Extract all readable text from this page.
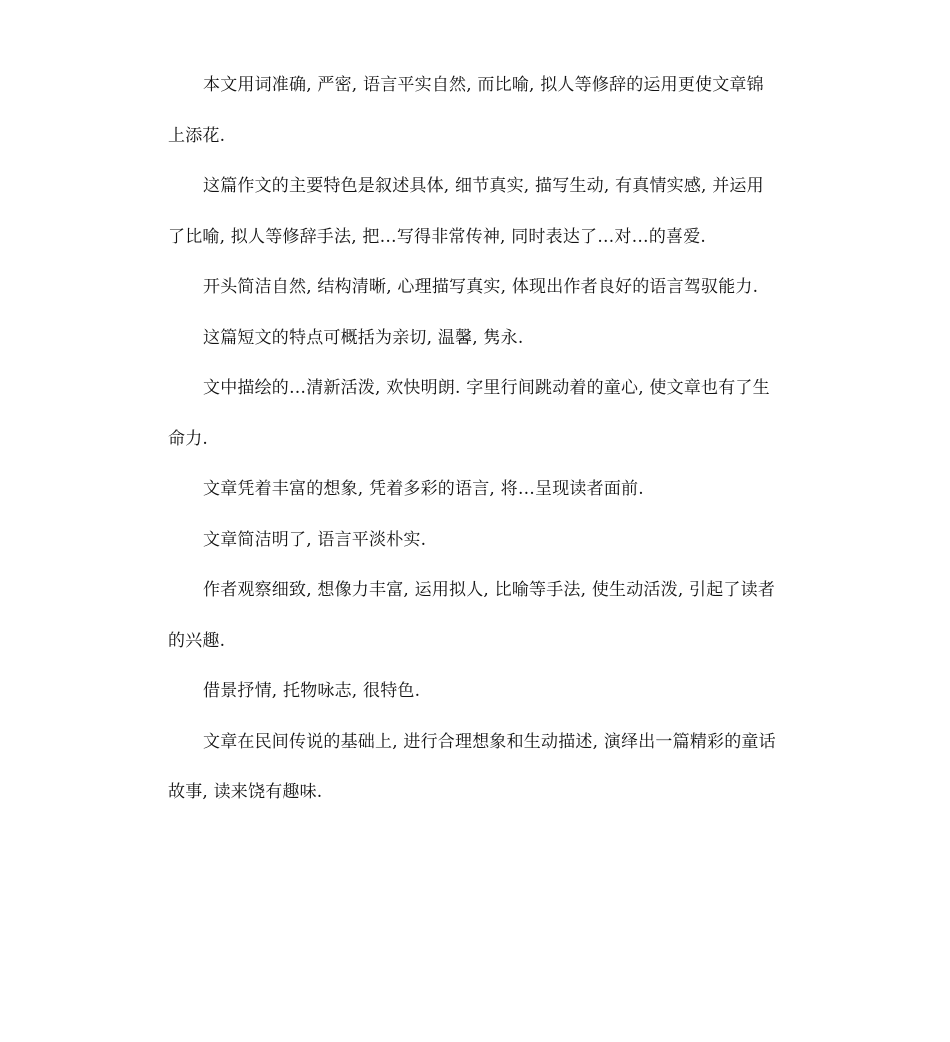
本文用词准确, 严密, 语言平实自然, 而比喻, 拟人等修辞的运用更使文章锦上添花.

这篇作文的主要特色是叙述具体, 细节真实, 描写生动, 有真情实感, 并运用了比喻, 拟人等修辞手法, 把…写得非常传神, 同时表达了…对…的喜爱.

开头简洁自然, 结构清晰, 心理描写真实, 体现出作者良好的语言驾驭能力.

这篇短文的特点可概括为亲切, 温馨, 隽永.

文中描绘的…清新活泼, 欢快明朗. 字里行间跳动着的童心, 使文章也有了生命力.

文章凭着丰富的想象, 凭着多彩的语言, 将…呈现读者面前.

文章简洁明了, 语言平淡朴实.

作者观察细致, 想像力丰富, 运用拟人, 比喻等手法, 使生动活泼, 引起了读者的兴趣.

借景抒情, 托物咏志, 很特色.

文章在民间传说的基础上, 进行合理想象和生动描述, 演绎出一篇精彩的童话故事, 读来饶有趣味.
